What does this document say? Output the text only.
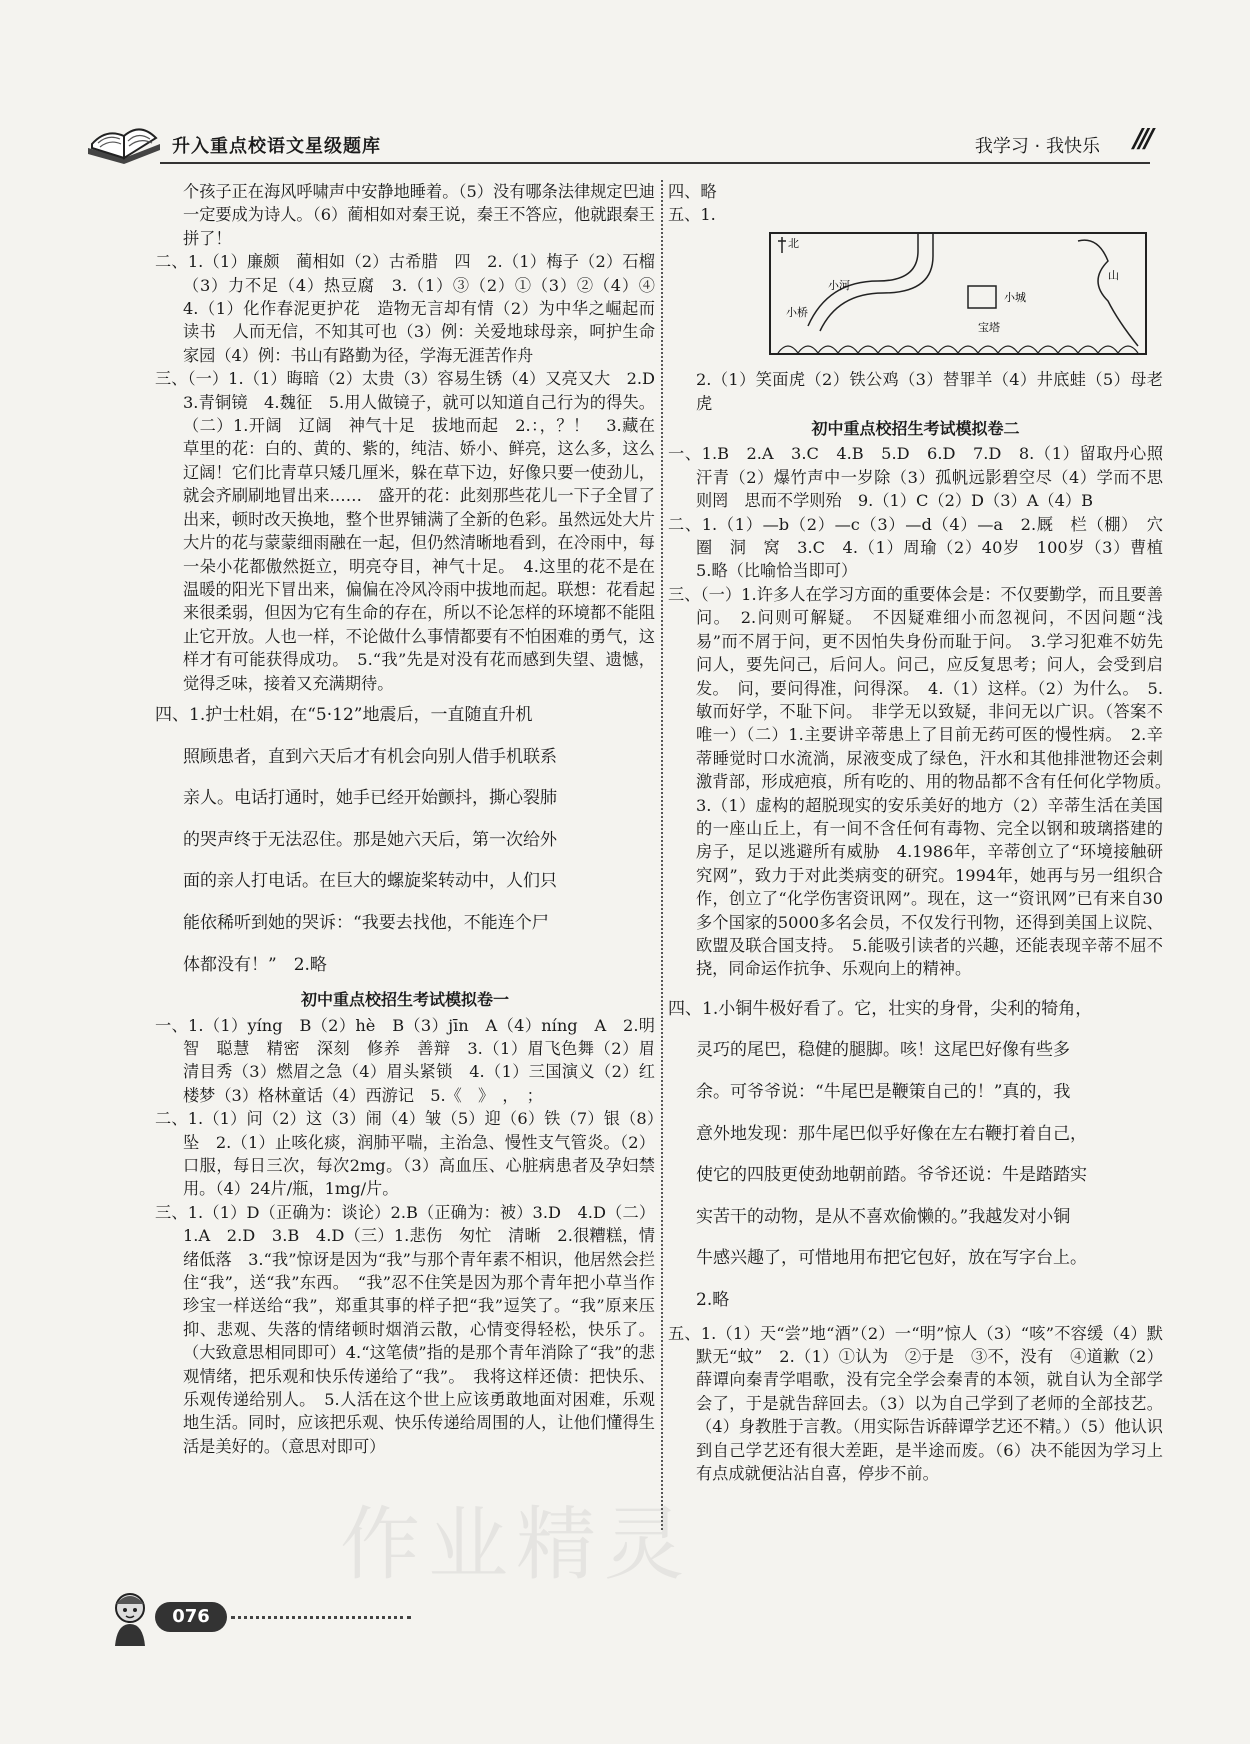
升入重点校语文星级题库	我学习 · 我快乐 ///

个孩子正在海风呼啸声中安静地睡着。（5）没有哪条法律规定巴迪一定要成为诗人。（6）蔺相如对秦王说，秦王不答应，他就跟秦王拼了！

二、1.（1）廉颇　蔺相如（2）古希腊　四　2.（1）梅子（2）石榴（3）力不足（4）热豆腐　3.（1）③（2）①（3）②（4）④　4.（1）化作春泥更护花　造物无言却有情（2）为中华之崛起而读书　人而无信，不知其可也（3）例：关爱地球母亲，呵护生命家园（4）例：书山有路勤为径，学海无涯苦作舟

三、（一）1.（1）晦暗（2）太贵（3）容易生锈（4）又亮又大　2.D　3.青铜镜　4.魏征　5.用人做镜子，就可以知道自己行为的得失。（二）1.开阔　辽阔　神气十足　拔地而起　2.：，？！　3.藏在草里的花：白的、黄的、紫的，纯洁、娇小、鲜亮，这么多，这么辽阔！它们比青草只矮几厘米，躲在草下边，好像只要一使劲儿，就会齐刷刷地冒出来……　盛开的花：此刻那些花儿一下子全冒了出来，顿时改天换地，整个世界铺满了全新的色彩。虽然远处大片大片的花与蒙蒙细雨融在一起，但仍然清晰地看到，在冷雨中，每一朵小花都傲然挺立，明亮夺目，神气十足。　4.这里的花不是在温暖的阳光下冒出来，偏偏在冷风冷雨中拔地而起。联想：花看起来很柔弱，但因为它有生命的存在，所以不论怎样的环境都不能阻止它开放。人也一样，不论做什么事情都要有不怕困难的勇气，这样才有可能获得成功。　5.“我”先是对没有花而感到失望、遗憾，觉得乏味，接着又充满期待。

四、1.护士杜娟，在“5·12”地震后，一直随直升机

照顾患者，直到六天后才有机会向别人借手机联系

亲人。电话打通时，她手已经开始颤抖，撕心裂肺

的哭声终于无法忍住。那是她六天后，第一次给外

面的亲人打电话。在巨大的螺旋桨转动中，人们只

能依稀听到她的哭诉：“我要去找他，不能连个尸

体都没有！”　2.略

初中重点校招生考试模拟卷一

一、1.（1）yíng　B（2）hè　B（3）jīn　A（4）níng　A　2.明智　聪慧　精密　深刻　修养　善辩　3.（1）眉飞色舞（2）眉清目秀（3）燃眉之急（4）眉头紧锁　4.（1）三国演义（2）红楼梦（3）格林童话（4）西游记　5.《　》　，　；

二、1.（1）问（2）这（3）闹（4）皱（5）迎（6）铁（7）银（8）坠　2.（1）止咳化痰，润肺平喘，主治急、慢性支气管炎。（2）口服，每日三次，每次2mg。（3）高血压、心脏病患者及孕妇禁用。（4）24片/瓶，1mg/片。

三、1.（1）D（正确为：谈论）2.B（正确为：被）3.D　4.D（二）1.A　2.D　3.B　4.D（三）1.悲伤　匆忙　清晰　2.很糟糕，情绪低落　3.“我”惊讶是因为“我”与那个青年素不相识，他居然会拦住“我”，送“我”东西。　“我”忍不住笑是因为那个青年把小草当作珍宝一样送给“我”，郑重其事的样子把“我”逗笑了。“我”原来压抑、悲观、失落的情绪顿时烟消云散，心情变得轻松，快乐了。（大致意思相同即可）4.“这笔债”指的是那个青年消除了“我”的悲观情绪，把乐观和快乐传递给了“我”。　我将这样还债：把快乐、乐观传递给别人。　5.人活在这个世上应该勇敢地面对困难，乐观地生活。同时，应该把乐观、快乐传递给周围的人，让他们懂得生活是美好的。（意思对即可）

四、略

五、1.

北
小河
小桥
小城
山
宝塔

2.（1）笑面虎（2）铁公鸡（3）替罪羊（4）井底蛙（5）母老虎

初中重点校招生考试模拟卷二

一、1.B　2.A　3.C　4.B　5.D　6.D　7.D　8.（1）留取丹心照汗青（2）爆竹声中一岁除（3）孤帆远影碧空尽（4）学而不思则罔　思而不学则殆　9.（1）C（2）D（3）A（4）B

二、1.（1）—b（2）—c（3）—d（4）—a　2.厩　栏（棚）　穴　圈　洞　窝　3.C　4.（1）周瑜（2）40岁　100岁（3）曹植　5.略（比喻恰当即可）

三、（一）1.许多人在学习方面的重要体会是：不仅要勤学，而且要善问。　2.问则可解疑。　不因疑难细小而忽视问，不因问题“浅易”而不屑于问，更不因怕失身份而耻于问。　3.学习犯难不妨先问人，要先问己，后问人。问己，应反复思考；问人，会受到启发。　问，要问得准，问得深。　4.（1）这样。（2）为什么。　5.敏而好学，不耻下问。　非学无以致疑，非问无以广识。（答案不唯一）（二）1.主要讲辛蒂患上了目前无药可医的慢性病。　2.辛蒂睡觉时口水流淌，尿液变成了绿色，汗水和其他排泄物还会刺激背部，形成疤痕，所有吃的、用的物品都不含有任何化学物质。　3.（1）虚构的超脱现实的安乐美好的地方（2）辛蒂生活在美国的一座山丘上，有一间不含任何有毒物、完全以钢和玻璃搭建的房子，足以逃避所有威胁　4.1986年，辛蒂创立了“环境接触研究网”，致力于对此类病变的研究。1994年，她再与另一组织合作，创立了“化学伤害资讯网”。现在，这一“资讯网”已有来自30多个国家的5000多名会员，不仅发行刊物，还得到美国上议院、欧盟及联合国支持。　5.能吸引读者的兴趣，还能表现辛蒂不屈不挠，同命运作抗争、乐观向上的精神。

四、1.小铜牛极好看了。它，壮实的身骨，尖利的犄角，

灵巧的尾巴，稳健的腿脚。咳！这尾巴好像有些多

余。可爷爷说：“牛尾巴是鞭策自己的！”真的，我

意外地发现：那牛尾巴似乎好像在左右鞭打着自己，

使它的四肢更使劲地朝前踏。爷爷还说：牛是踏踏实

实苦干的动物，是从不喜欢偷懒的。”我越发对小铜

牛感兴趣了，可惜地用布把它包好，放在写字台上。

2.略

五、1.（1）天“尝”地“酒”（2）一“明”惊人（3）“咳”不容缓（4）默默无“蚊”　2.（1）①认为　②于是　③不，没有　④道歉（2）薛谭向秦青学唱歌，没有完全学会秦青的本领，就自认为全部学会了，于是就告辞回去。（3）以为自己学到了老师的全部技艺。（4）身教胜于言教。（用实际告诉薛谭学艺还不精。）（5）他认识到自己学艺还有很大差距，是半途而废。（6）决不能因为学习上有点成就便沾沾自喜，停步不前。

作业精灵
076
